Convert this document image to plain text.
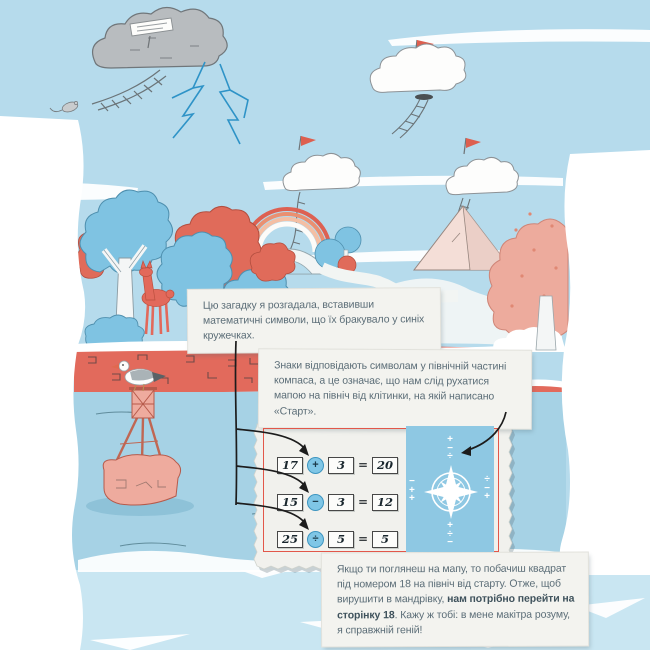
Цю загадку я розгадала, вставивши математичні символи, що їх бракувало у синіх кружечках.
Знаки відповідають символам у північній частині компаса, а це означає, що нам слід рухатися мапою на північ від клітинки, на якій написано «Старт».
Якщо ти поглянеш на мапу, то побачиш квадрат під номером 18 на північ від старту. Отже, щоб вирушити в мандрівку, нам потрібно перейти на сторінку 18. Кажу ж тобі: в мене макітра розуму, я справжній геній!
17	+	3	= 20
15	−	3	= 12
25	÷	5	=	5
+
−
÷
−
+
+
÷
−
+
+
÷
−
